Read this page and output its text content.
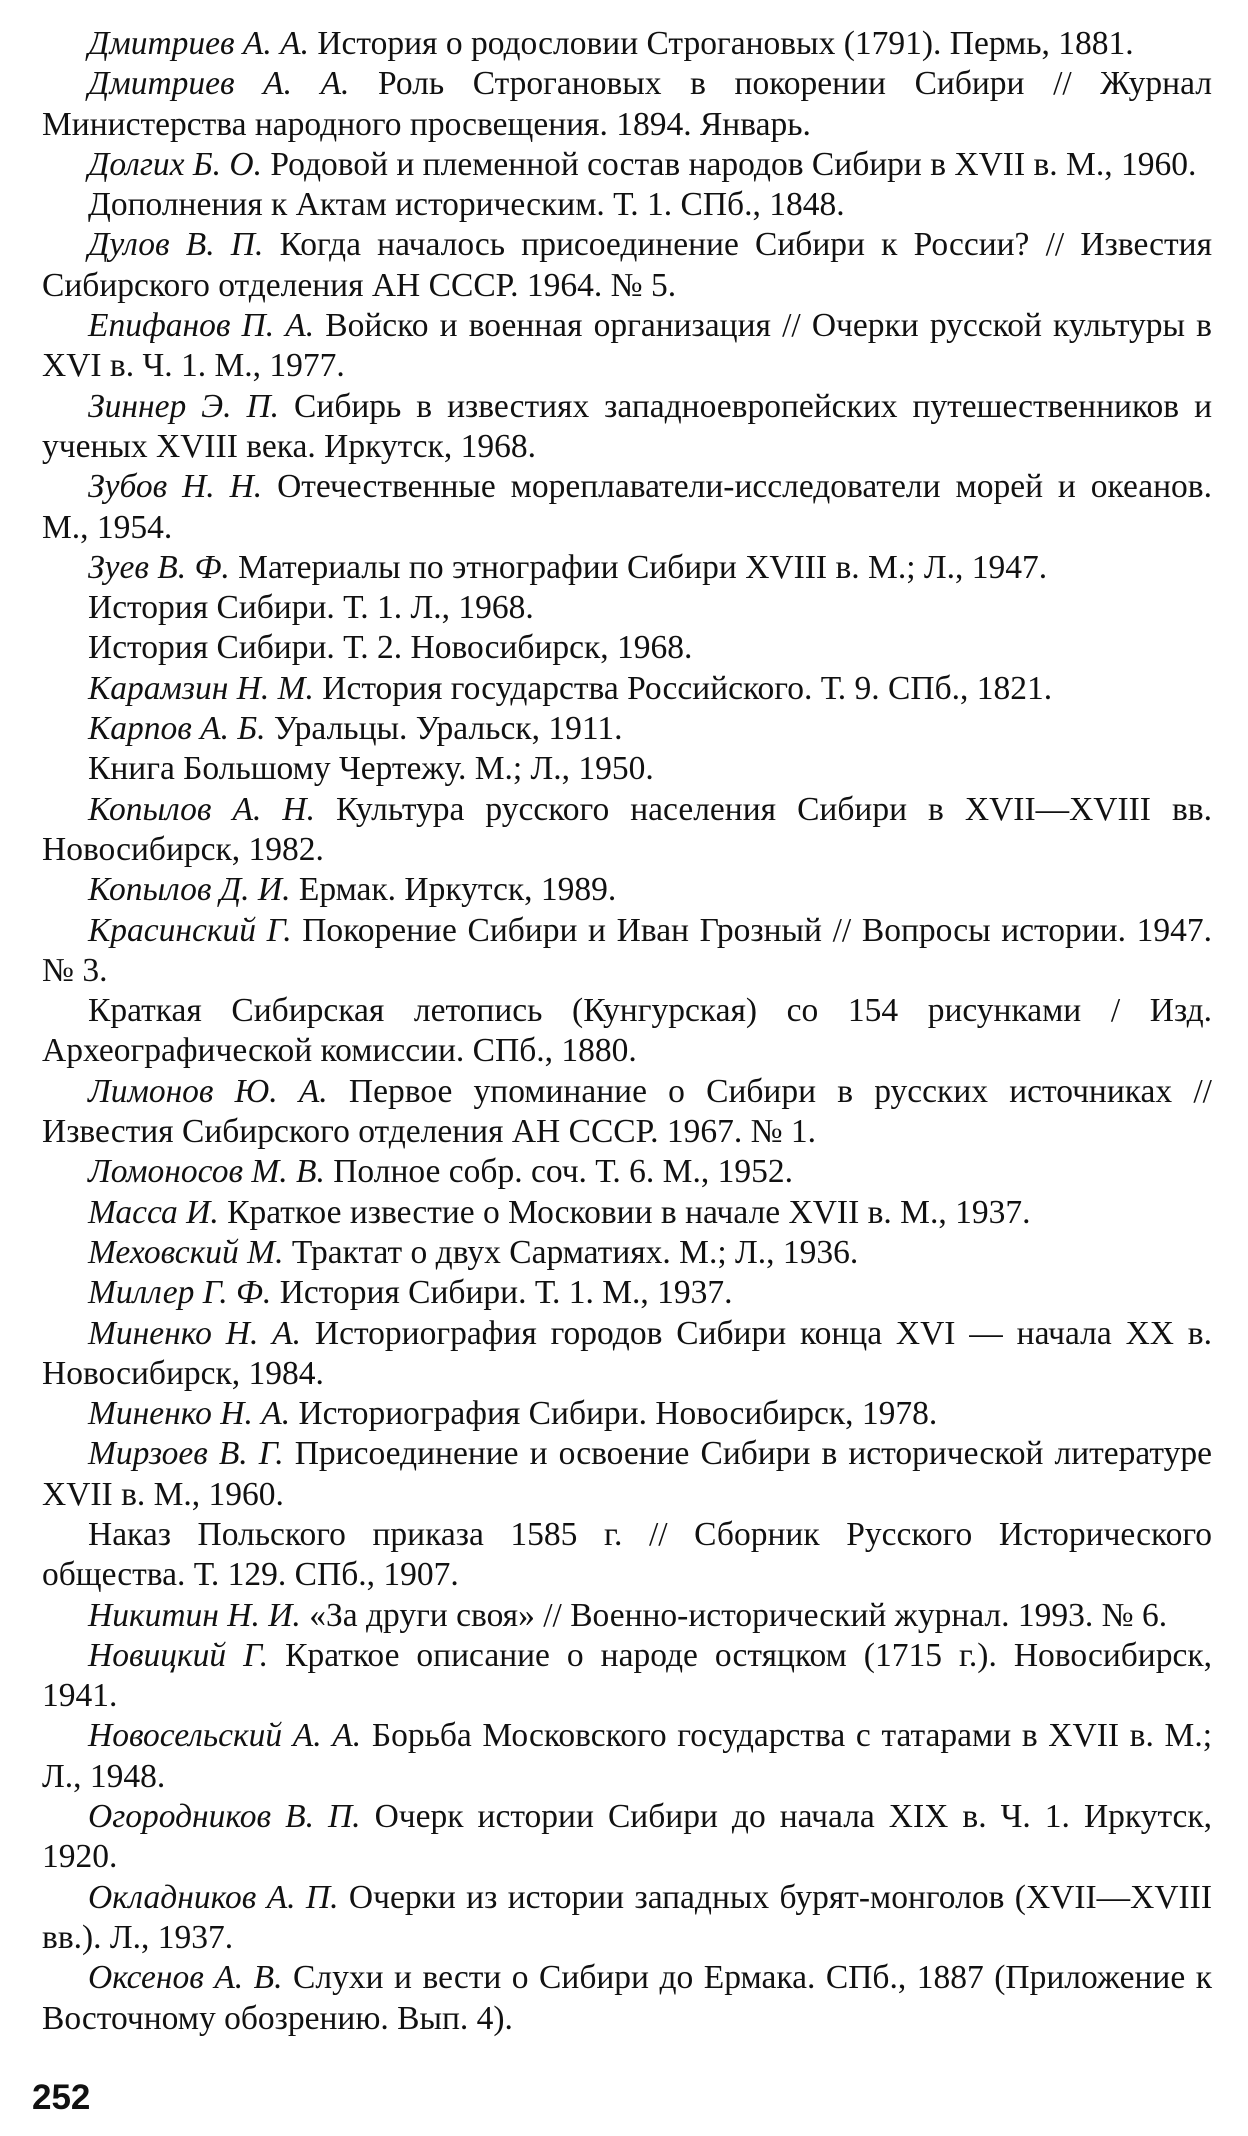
Дмитриев А. А. История о родословии Строгановых (1791). Пермь, 1881.

Дмитриев А. А. Роль Строгановых в покорении Сибири // Журнал Министерства народного просвещения. 1894. Январь.

Долгих Б. О. Родовой и племенной состав народов Сибири в XVII в. М., 1960.

Дополнения к Актам историческим. Т. 1. СПб., 1848.

Дулов В. П. Когда началось присоединение Сибири к России? // Известия Сибирского отделения АН СССР. 1964. № 5.

Епифанов П. А. Войско и военная организация // Очерки русской культуры в XVI в. Ч. 1. М., 1977.

Зиннер Э. П. Сибирь в известиях западноевропейских путешественников и ученых XVIII века. Иркутск, 1968.

Зубов Н. Н. Отечественные мореплаватели-исследователи морей и океанов. М., 1954.

Зуев В. Ф. Материалы по этнографии Сибири XVIII в. М.; Л., 1947.

История Сибири. Т. 1. Л., 1968.

История Сибири. Т. 2. Новосибирск, 1968.

Карамзин Н. М. История государства Российского. Т. 9. СПб., 1821.

Карпов А. Б. Уральцы. Уральск, 1911.

Книга Большому Чертежу. М.; Л., 1950.

Копылов А. Н. Культура русского населения Сибири в XVII—XVIII вв. Новосибирск, 1982.

Копылов Д. И. Ермак. Иркутск, 1989.

Красинский Г. Покорение Сибири и Иван Грозный // Вопросы истории. 1947. № 3.

Краткая Сибирская летопись (Кунгурская) со 154 рисунками / Изд. Археографической комиссии. СПб., 1880.

Лимонов Ю. А. Первое упоминание о Сибири в русских источниках // Известия Сибирского отделения АН СССР. 1967. № 1.

Ломоносов М. В. Полное собр. соч. Т. 6. М., 1952.

Масса И. Краткое известие о Московии в начале XVII в. М., 1937.

Меховский М. Трактат о двух Сарматиях. М.; Л., 1936.

Миллер Г. Ф. История Сибири. Т. 1. М., 1937.

Миненко Н. А. Историография городов Сибири конца XVI — начала XX в. Новосибирск, 1984.

Миненко Н. А. Историография Сибири. Новосибирск, 1978.

Мирзоев В. Г. Присоединение и освоение Сибири в исторической литературе XVII в. М., 1960.

Наказ Польского приказа 1585 г. // Сборник Русского Исторического общества. Т. 129. СПб., 1907.

Никитин Н. И. «За други своя» // Военно-исторический журнал. 1993. № 6.

Новицкий Г. Краткое описание о народе остяцком (1715 г.). Новосибирск, 1941.

Новосельский А. А. Борьба Московского государства с татарами в XVII в. М.; Л., 1948.

Огородников В. П. Очерк истории Сибири до начала XIX в. Ч. 1. Иркутск, 1920.

Окладников А. П. Очерки из истории западных бурят-монголов (XVII—XVIII вв.). Л., 1937.

Оксенов А. В. Слухи и вести о Сибири до Ермака. СПб., 1887 (Приложение к Восточному обозрению. Вып. 4).

252
